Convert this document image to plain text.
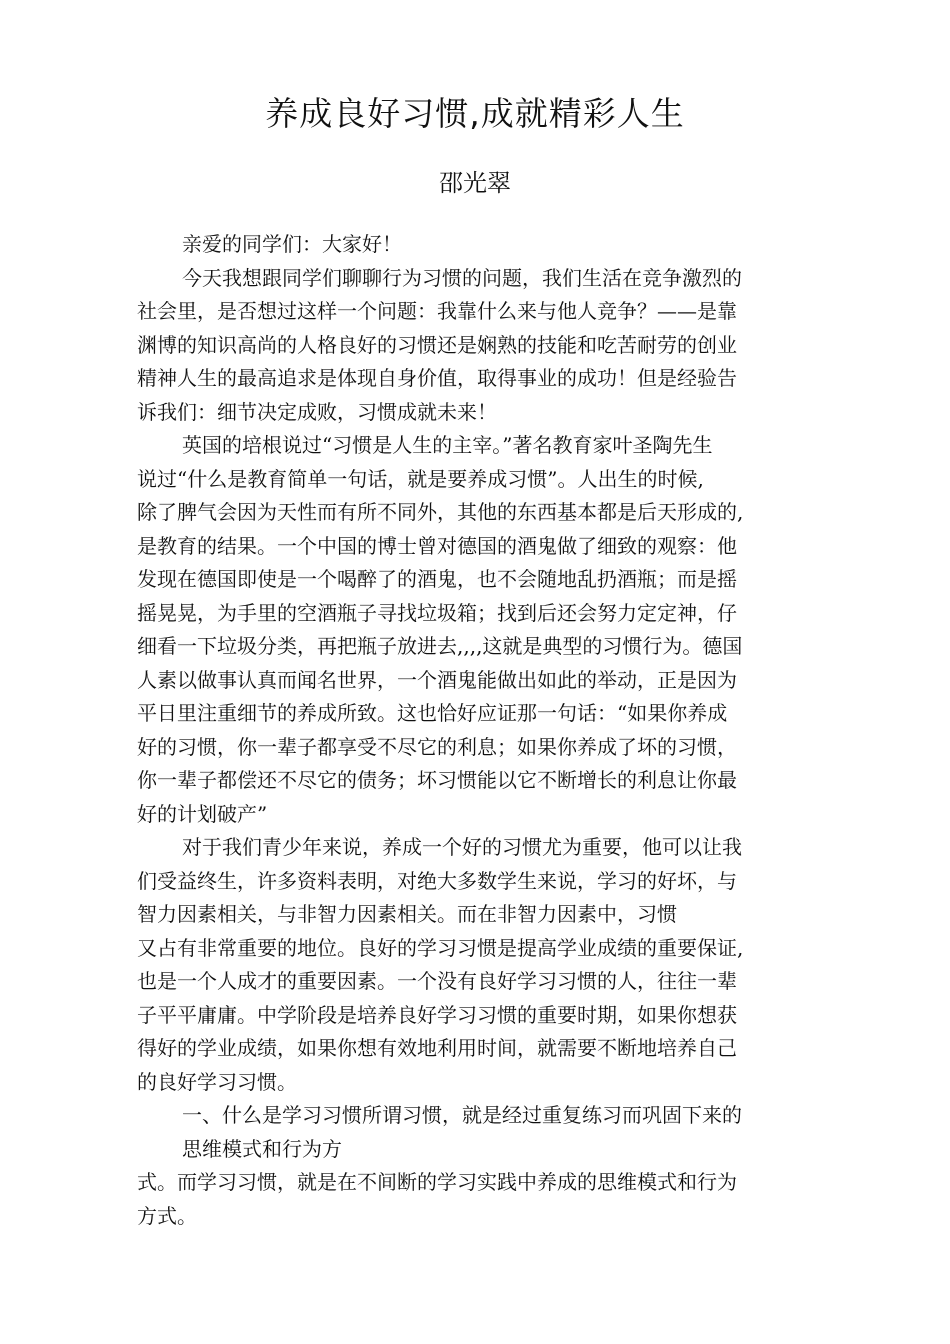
养成良好习惯,成就精彩人生
邵光翠
亲爱的同学们：大家好！
今天我想跟同学们聊聊行为习惯的问题，我们生活在竞争激烈的
社会里，是否想过这样一个问题：我靠什么来与他人竞争？——是靠
渊博的知识高尚的人格良好的习惯还是娴熟的技能和吃苦耐劳的创业
精神人生的最高追求是体现自身价值，取得事业的成功！但是经验告
诉我们：细节决定成败，习惯成就未来！
英国的培根说过“习惯是人生的主宰。”著名教育家叶圣陶先生
说过“什么是教育简单一句话，就是要养成习惯”。人出生的时候,
除了脾气会因为天性而有所不同外，其他的东西基本都是后天形成的,
是教育的结果。一个中国的博士曾对德国的酒鬼做了细致的观察：他
发现在德国即使是一个喝醉了的酒鬼，也不会随地乱扔酒瓶；而是摇
摇晃晃，为手里的空酒瓶子寻找垃圾箱；找到后还会努力定定神，仔
细看一下垃圾分类，再把瓶子放进去,,,,这就是典型的习惯行为。德国
人素以做事认真而闻名世界，一个酒鬼能做出如此的举动，正是因为
平日里注重细节的养成所致。这也恰好应证那一句话：“如果你养成
好的习惯，你一辈子都享受不尽它的利息；如果你养成了坏的习惯，
你一辈子都偿还不尽它的债务；坏习惯能以它不断增长的利息让你最
好的计划破产”
对于我们青少年来说，养成一个好的习惯尤为重要，他可以让我
们受益终生，许多资料表明，对绝大多数学生来说，学习的好坏，与
智力因素相关，与非智力因素相关。而在非智力因素中，习惯
又占有非常重要的地位。良好的学习习惯是提高学业成绩的重要保证,
也是一个人成才的重要因素。一个没有良好学习习惯的人，往往一辈
子平平庸庸。中学阶段是培养良好学习习惯的重要时期，如果你想获
得好的学业成绩，如果你想有效地利用时间，就需要不断地培养自己
的良好学习习惯。
一、什么是学习习惯所谓习惯，就是经过重复练习而巩固下来的
思维模式和行为方
式。而学习习惯，就是在不间断的学习实践中养成的思维模式和行为
方式。
